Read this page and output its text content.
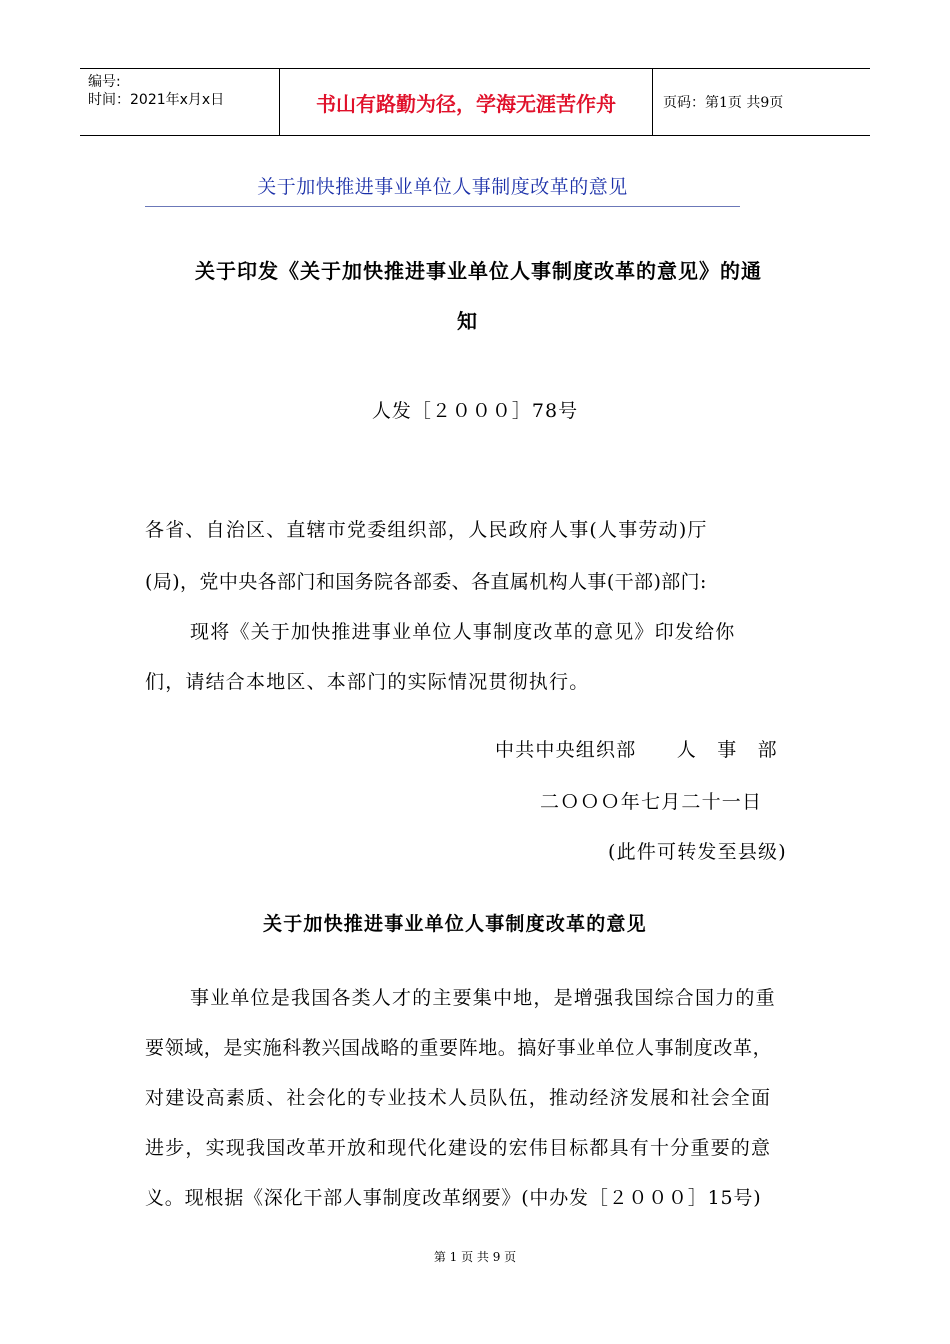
编号:
时间：2021年x月x日	书山有路勤为径，学海无涯苦作舟	页码：第1页 共9页
关于加快推进事业单位人事制度改革的意见
关于印发《关于加快推进事业单位人事制度改革的意见》的通
知
人发［２０００］78号
各省、自治区、直辖市党委组织部，人民政府人事(人事劳动)厅
(局)，党中央各部门和国务院各部委、各直属机构人事(干部)部门:
现将《关于加快推进事业单位人事制度改革的意见》印发给你
们，请结合本地区、本部门的实际情况贯彻执行。
中共中央组织部　　人　事　部
二ＯＯＯ年七月二十一日
(此件可转发至县级)
关于加快推进事业单位人事制度改革的意见
事业单位是我国各类人才的主要集中地，是增强我国综合国力的重
要领域，是实施科教兴国战略的重要阵地。搞好事业单位人事制度改革，
对建设高素质、社会化的专业技术人员队伍，推动经济发展和社会全面
进步，实现我国改革开放和现代化建设的宏伟目标都具有十分重要的意
义。现根据《深化干部人事制度改革纲要》(中办发［２０００］15号)
第 1 页 共 9 页
